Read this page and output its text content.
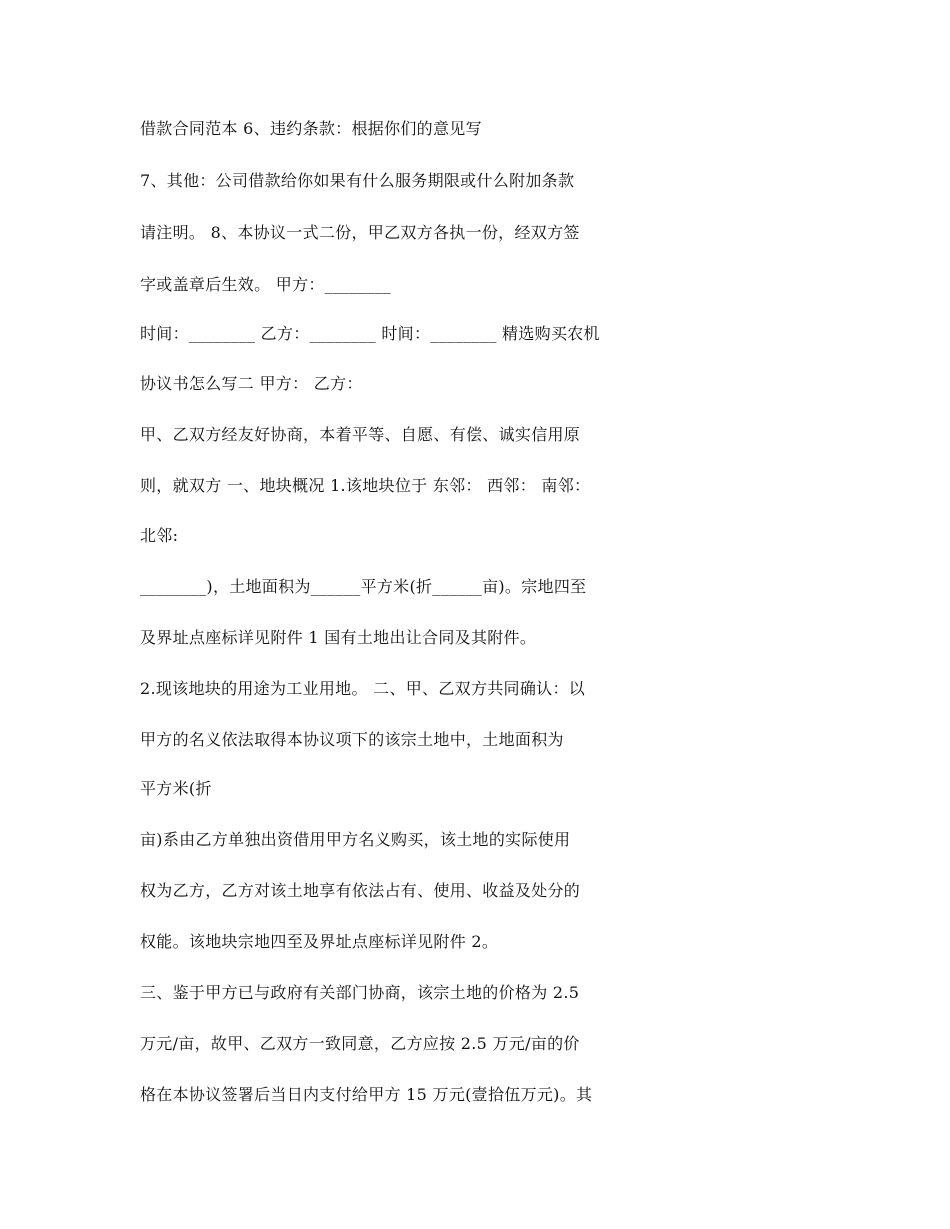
借款合同范本 6、违约条款：根据你们的意见写
7、其他：公司借款给你如果有什么服务期限或什么附加条款
请注明。 8、本协议一式二份，甲乙双方各执一份，经双方签
字或盖章后生效。 甲方：________
时间：________ 乙方：________ 时间：________ 精选购买农机
协议书怎么写二 甲方： 乙方：
甲、乙双方经友好协商，本着平等、自愿、有偿、诚实信用原
则，就双方 一、地块概况 1.该地块位于 东邻： 西邻： 南邻：
北邻:
________)，土地面积为______平方米(折______亩)。宗地四至
及界址点座标详见附件 1 国有土地出让合同及其附件。
2.现该地块的用途为工业用地。 二、甲、乙双方共同确认：以
甲方的名义依法取得本协议项下的该宗土地中，土地面积为
平方米(折
亩)系由乙方单独出资借用甲方名义购买，该土地的实际使用
权为乙方，乙方对该土地享有依法占有、使用、收益及处分的
权能。该地块宗地四至及界址点座标详见附件 2。
三、鉴于甲方已与政府有关部门协商，该宗土地的价格为 2.5
万元/亩，故甲、乙双方一致同意，乙方应按 2.5 万元/亩的价
格在本协议签署后当日内支付给甲方 15 万元(壹拾伍万元)。其
